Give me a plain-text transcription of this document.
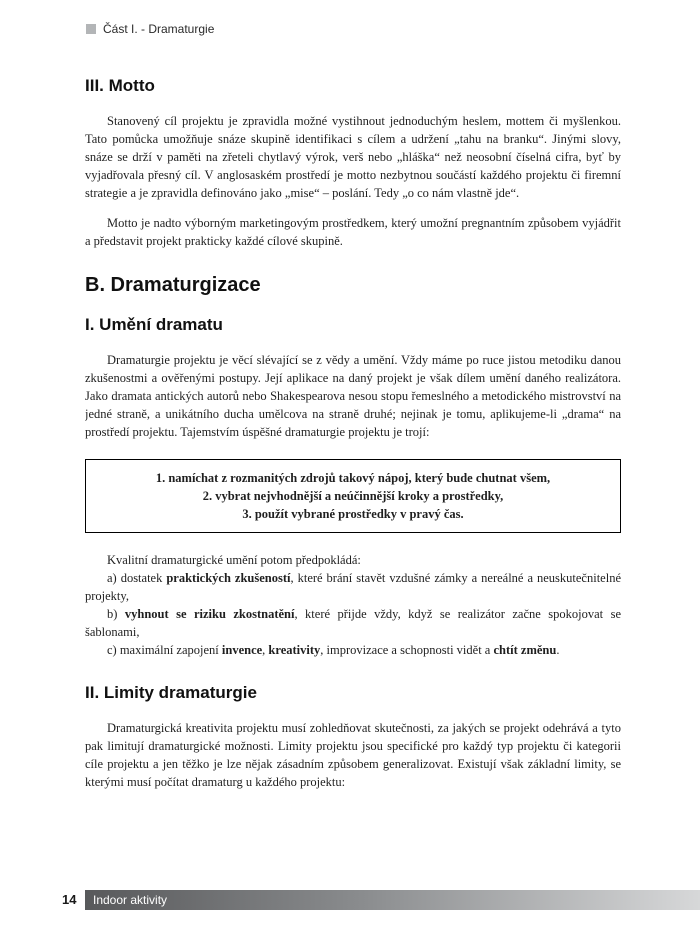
Část I. - Dramaturgie
III. Motto

Stanovený cíl projektu je zpravidla možné vystihnout jednoduchým heslem, mottem či myšlenkou. Tato pomůcka umožňuje snáze skupině identifikaci s cílem a udržení „tahu na branku“. Jinými slovy, snáze se drží v paměti na zřeteli chytlavý výrok, verš nebo „hláška“ než neosobní číselná cifra, byť by vyjadřovala přesný cíl. V anglosaském prostředí je motto nezbytnou součástí každého projektu či firemní strategie a je zpravidla definováno jako „mise“ – poslání. Tedy „o co nám vlastně jde“.

Motto je nadto výborným marketingovým prostředkem, který umožní pregnantním způsobem vyjádřit a představit projekt prakticky každé cílové skupině.

B. Dramaturgizace
I. Umění dramatu

Dramaturgie projektu je věcí slévající se z vědy a umění. Vždy máme po ruce jistou metodiku danou zkušenostmi a ověřenými postupy. Její aplikace na daný projekt je však dílem umění daného realizátora. Jako dramata antických autorů nebo Shakespearova nesou stopu řemeslného a metodického mistrovství na jedné straně, a unikátního ducha umělcova na straně druhé; nejinak je tomu, aplikujeme-li „drama“ na prostředí projektu. Tajemstvím úspěšné dramaturgie projektu je trojí:

1. namíchat z rozmanitých zdrojů takový nápoj, který bude chutnat všem,
2. vybrat nejvhodnější a neúčinnější kroky a prostředky,
3. použít vybrané prostředky v pravý čas.

Kvalitní dramaturgické umění potom předpokládá:

a) dostatek praktických zkušeností, které brání stavět vzdušné zámky a nereálné a neuskutečnitelné projekty,

b) vyhnout se riziku zkostnatění, které přijde vždy, když se realizátor začne spokojovat se šablonami,

c) maximální zapojení invence, kreativity, improvizace a schopnosti vidět a chtít změnu.

II. Limity dramaturgie

Dramaturgická kreativita projektu musí zohledňovat skutečnosti, za jakých se projekt odehrává a tyto pak limitují dramaturgické možnosti. Limity projektu jsou specifické pro každý typ projektu či kategorii cíle projektu a jen těžko je lze nějak zásadním způsobem generalizovat. Existují však základní limity, se kterými musí počítat dramaturg u každého projektu:

14	Indoor aktivity
